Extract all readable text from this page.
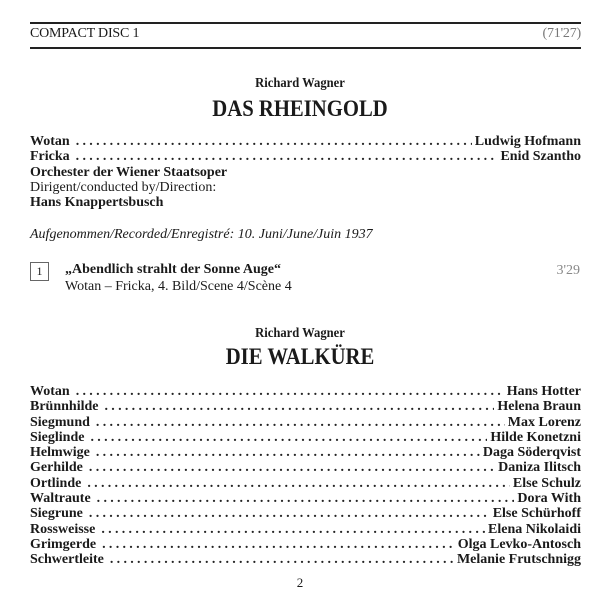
COMPACT DISC 1	(71'27)
Richard Wagner
DAS RHEINGOLD
Wotan .....	Ludwig Hofmann
Fricka .....	Enid Szantho
Orchester der Wiener Staatsoper
Dirigent/conducted by/Direction:
Hans Knappertsbusch
Aufgenommen/Recorded/Enregistré: 10. Juni/June/Juin 1937
1	„Abendlich strahlt der Sonne Auge“
Wotan – Fricka, 4. Bild/Scene 4/Scène 4
3'29
Richard Wagner
DIE WALKÜRE
Wotan .....	Hans Hotter
Brünnhilde .....	Helena Braun
Siegmund .....	Max Lorenz
Sieglinde .....	Hilde Konetzni
Helmwige .....	Daga Söderqvist
Gerhilde .....	Daniza Ilitsch
Ortlinde .....	Else Schulz
Waltraute .....	Dora With
Siegrune .....	Else Schürhoff
Rossweisse .....	Elena Nikolaidi
Grimgerde .....	Olga Levko-Antosch
Schwertleite .....	Melanie Frutschnigg
2
